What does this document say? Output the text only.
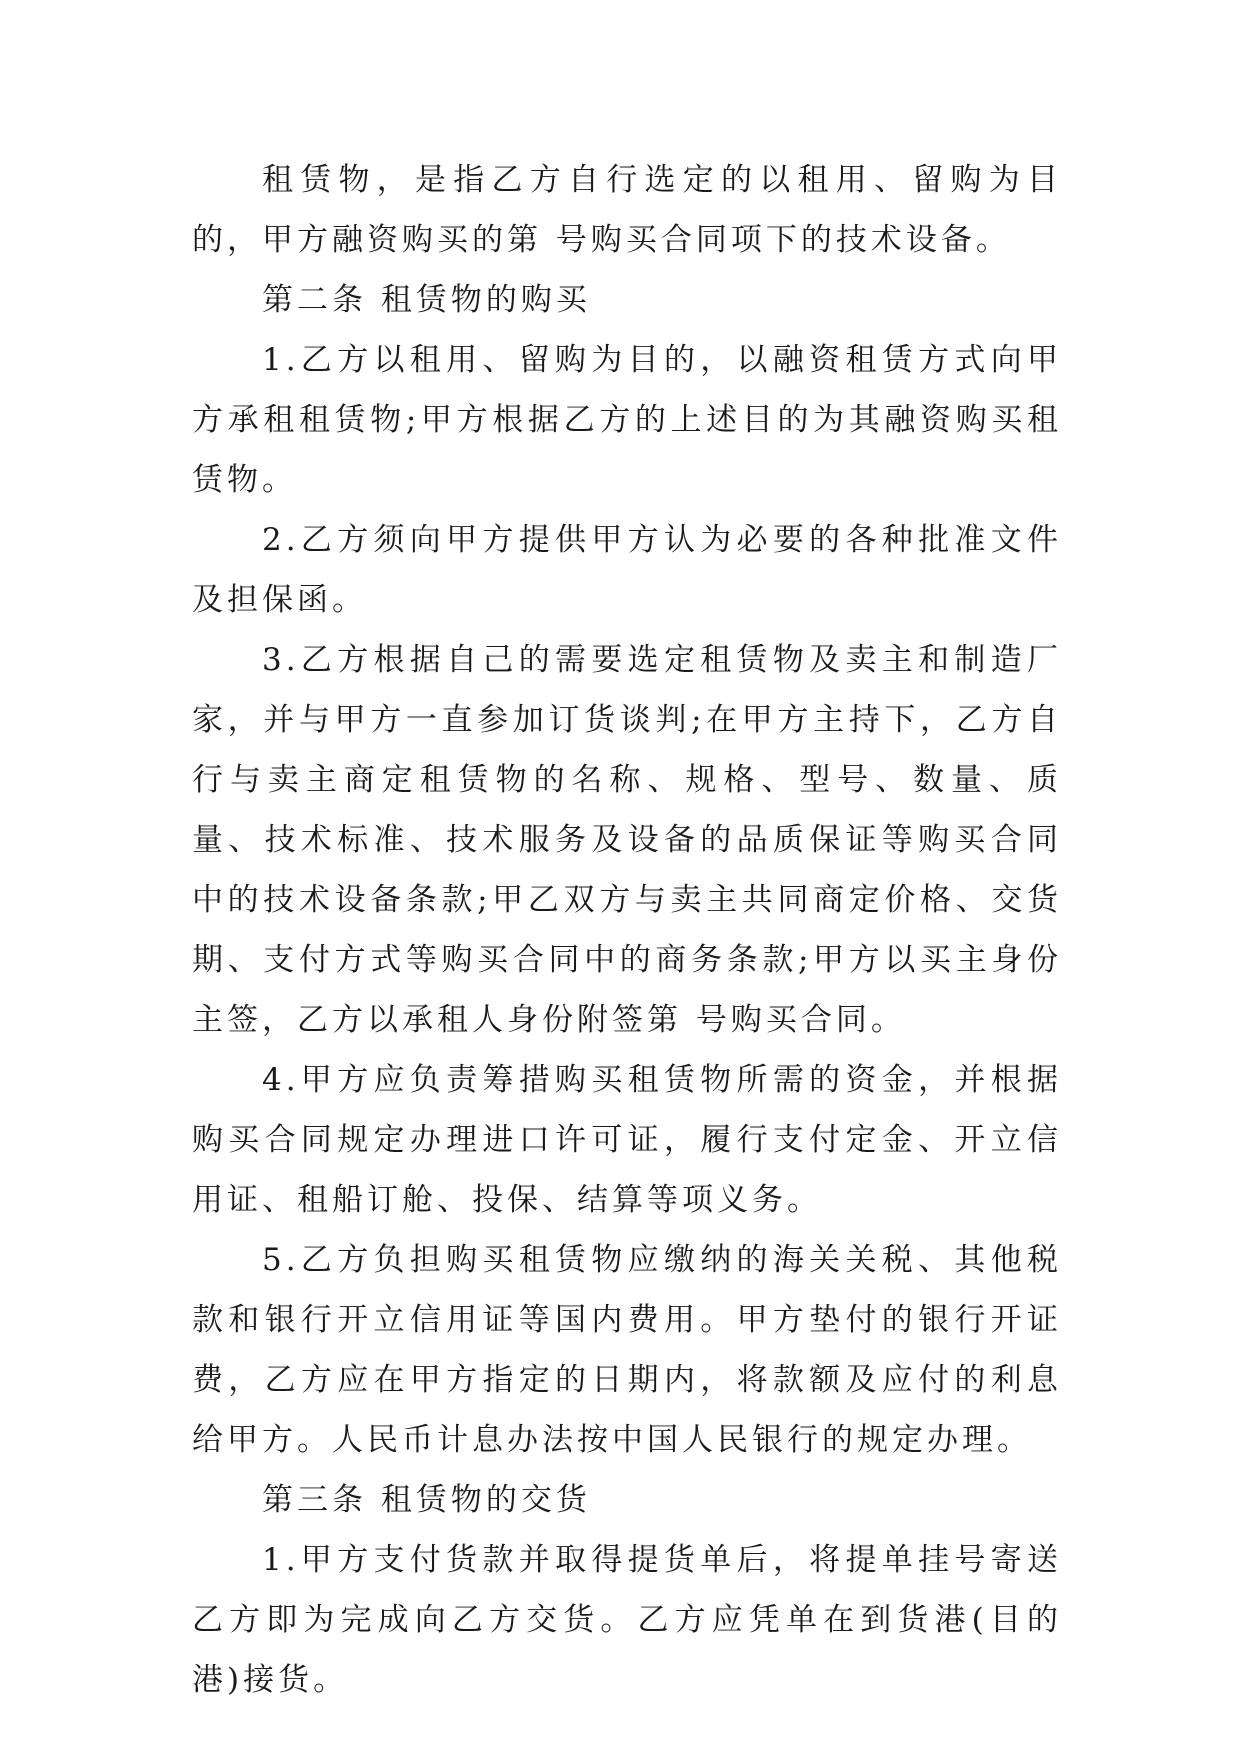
租赁物，是指乙方自行选定的以租用、留购为目的，甲方融资购买的第 号购买合同项下的技术设备。

第二条 租赁物的购买

1.乙方以租用、留购为目的，以融资租赁方式向甲方承租租赁物;甲方根据乙方的上述目的为其融资购买租赁物。

2.乙方须向甲方提供甲方认为必要的各种批准文件及担保函。

3.乙方根据自己的需要选定租赁物及卖主和制造厂家，并与甲方一直参加订货谈判;在甲方主持下，乙方自行与卖主商定租赁物的名称、规格、型号、数量、质量、技术标准、技术服务及设备的品质保证等购买合同中的技术设备条款;甲乙双方与卖主共同商定价格、交货期、支付方式等购买合同中的商务条款;甲方以买主身份主签，乙方以承租人身份附签第 号购买合同。

4.甲方应负责筹措购买租赁物所需的资金，并根据购买合同规定办理进口许可证，履行支付定金、开立信用证、租船订舱、投保、结算等项义务。

5.乙方负担购买租赁物应缴纳的海关关税、其他税款和银行开立信用证等国内费用。甲方垫付的银行开证费，乙方应在甲方指定的日期内，将款额及应付的利息给甲方。人民币计息办法按中国人民银行的规定办理。

第三条 租赁物的交货

1.甲方支付货款并取得提货单后，将提单挂号寄送乙方即为完成向乙方交货。乙方应凭单在到货港(目的港)接货。
